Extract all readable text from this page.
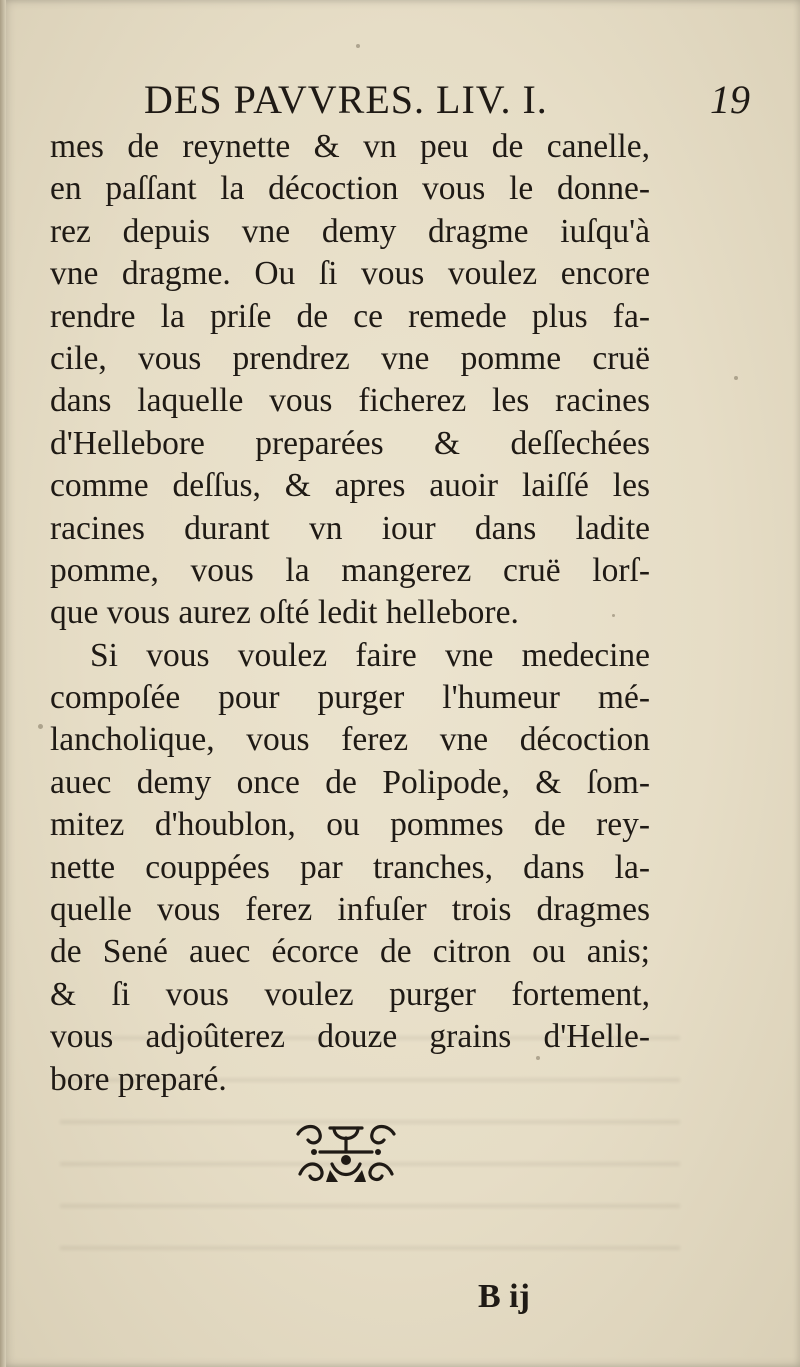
DES PAVVRES. LIV. I.	19
mes de reynette & vn peu de canelle,
en paſſant la décoction vous le donne-
rez depuis vne demy dragme iuſqu'à
vne dragme. Ou ſi vous voulez encore
rendre la priſe de ce remede plus fa-
cile, vous prendrez vne pomme cruë
dans laquelle vous ficherez les racines
d'Hellebore preparées & deſſechées
comme deſſus, & apres auoir laiſſé les
racines durant vn iour dans ladite
pomme, vous la mangerez cruë lorſ-
que vous aurez oſté ledit hellebore.
Si vous voulez faire vne medecine
compoſée pour purger l'humeur mé-
lancholique, vous ferez vne décoction
auec demy once de Polipode, & ſom-
mitez d'houblon, ou pommes de rey-
nette couppées par tranches, dans la-
quelle vous ferez infuſer trois dragmes
de Sené auec écorce de citron ou anis;
& ſi vous voulez purger fortement,
vous adjoûterez douze grains d'Helle-
bore preparé.
B ij
